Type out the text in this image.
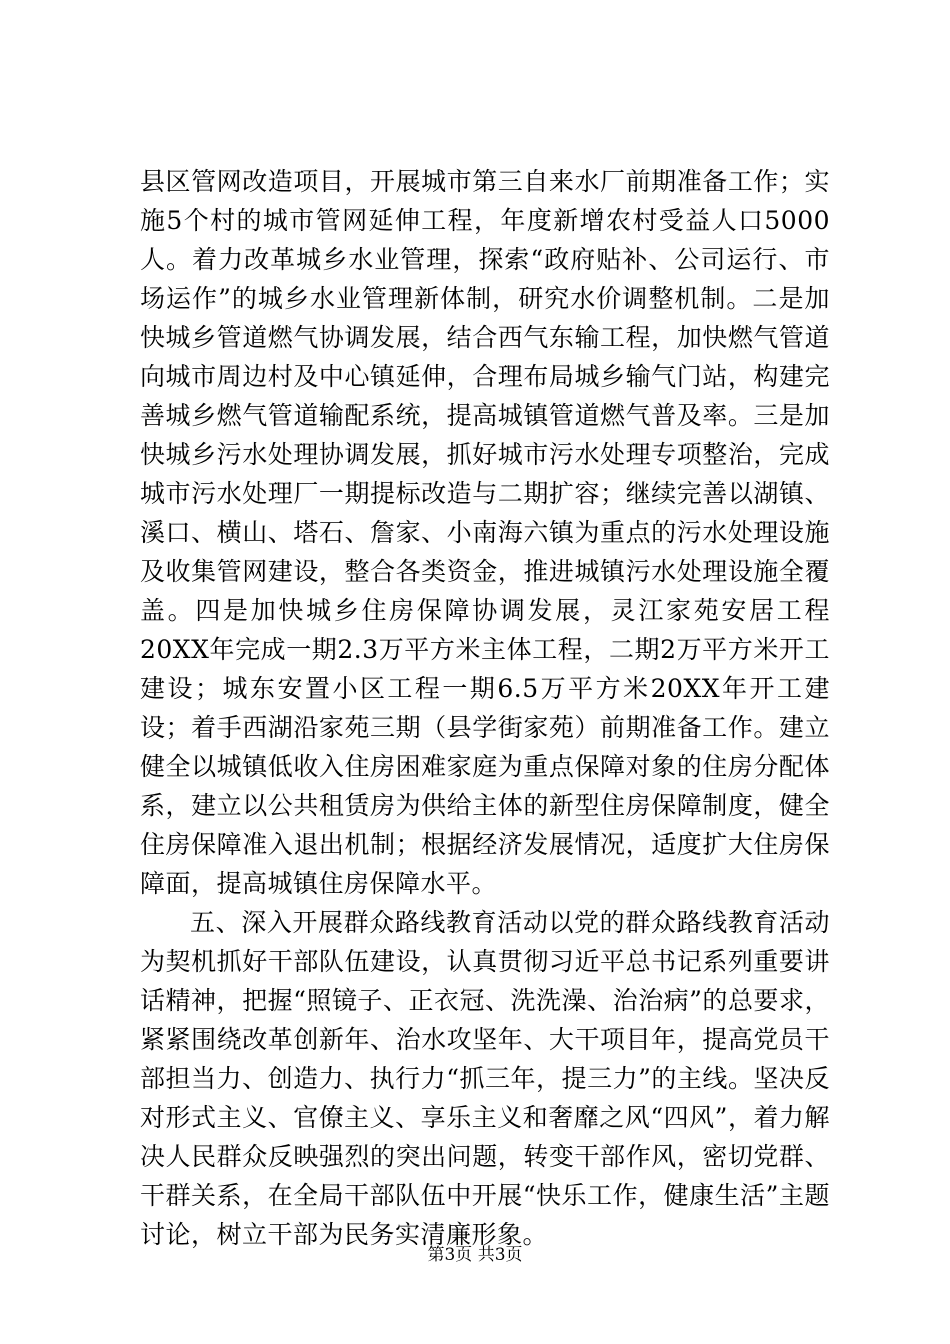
县区管网改造项目，开展城市第三自来水厂前期准备工作；实施5个村的城市管网延伸工程，年度新增农村受益人口5000人。着力改革城乡水业管理，探索“政府贴补、公司运行、市场运作”的城乡水业管理新体制，研究水价调整机制。二是加快城乡管道燃气协调发展，结合西气东输工程，加快燃气管道向城市周边村及中心镇延伸，合理布局城乡输气门站，构建完善城乡燃气管道输配系统，提高城镇管道燃气普及率。三是加快城乡污水处理协调发展，抓好城市污水处理专项整治，完成城市污水处理厂一期提标改造与二期扩容；继续完善以湖镇、溪口、横山、塔石、詹家、小南海六镇为重点的污水处理设施及收集管网建设，整合各类资金，推进城镇污水处理设施全覆盖。四是加快城乡住房保障协调发展，灵江家苑安居工程20XX年完成一期2.3万平方米主体工程，二期2万平方米开工建设；城东安置小区工程一期6.5万平方米20XX年开工建设；着手西湖沿家苑三期（县学街家苑）前期准备工作。建立健全以城镇低收入住房困难家庭为重点保障对象的住房分配体系，建立以公共租赁房为供给主体的新型住房保障制度，健全住房保障准入退出机制；根据经济发展情况，适度扩大住房保障面，提高城镇住房保障水平。

五、深入开展群众路线教育活动以党的群众路线教育活动为契机抓好干部队伍建设，认真贯彻习近平总书记系列重要讲话精神，把握“照镜子、正衣冠、洗洗澡、治治病”的总要求，紧紧围绕改革创新年、治水攻坚年、大干项目年，提高党员干部担当力、创造力、执行力“抓三年，提三力”的主线。坚决反对形式主义、官僚主义、享乐主义和奢靡之风“四风”，着力解决人民群众反映强烈的突出问题，转变干部作风，密切党群、干群关系，在全局干部队伍中开展“快乐工作，健康生活”主题讨论，树立干部为民务实清廉形象。

第3页 共3页
